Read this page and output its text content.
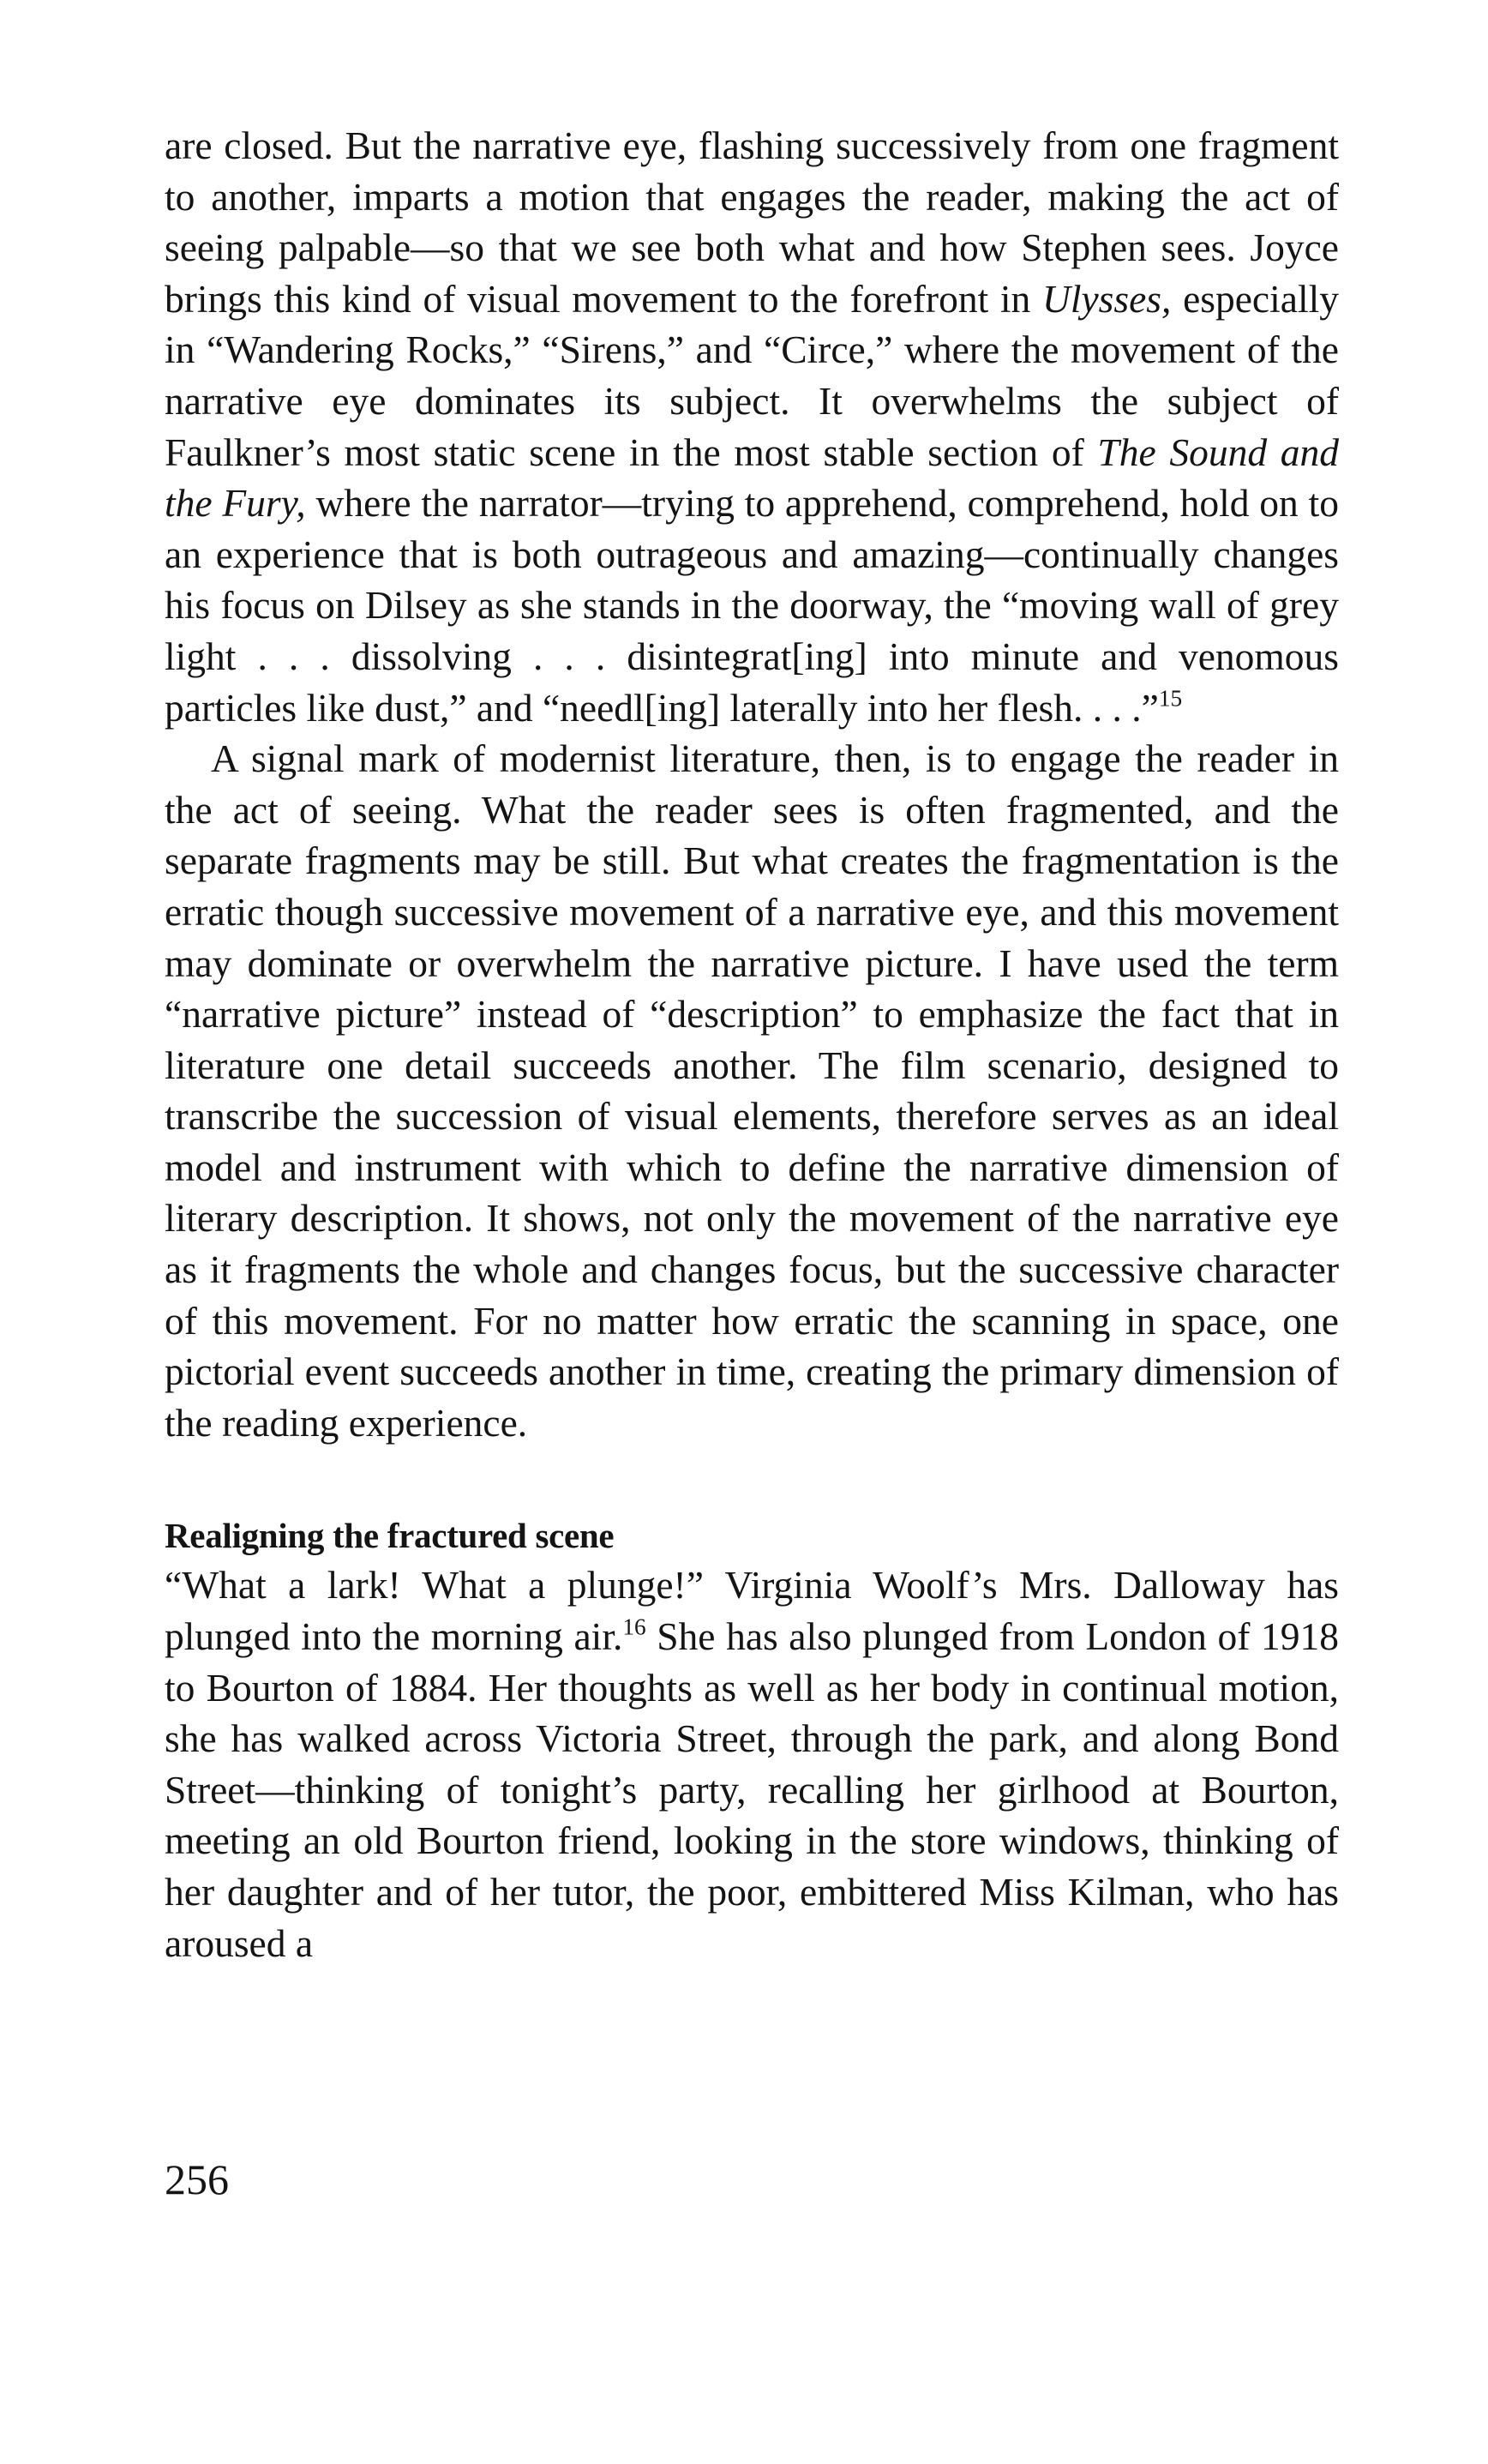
are closed. But the narrative eye, flashing successively from one fragment to another, imparts a motion that engages the reader, making the act of seeing palpable—so that we see both what and how Stephen sees. Joyce brings this kind of visual movement to the forefront in Ulysses, especially in “Wandering Rocks,” “Sirens,” and “Circe,” where the movement of the narrative eye dominates its subject. It overwhelms the subject of Faulkner’s most static scene in the most stable section of The Sound and the Fury, where the narrator—trying to apprehend, comprehend, hold on to an experience that is both outrageous and amazing—continually changes his focus on Dilsey as she stands in the doorway, the “moving wall of grey light . . . dissolving . . . disintegrat[ing] into minute and venomous particles like dust,” and “needl[ing] laterally into her flesh. . . .”$^{15}$

A signal mark of modernist literature, then, is to engage the reader in the act of seeing. What the reader sees is often fragmented, and the separate fragments may be still. But what creates the fragmentation is the erratic though successive movement of a narrative eye, and this movement may dominate or overwhelm the narrative picture. I have used the term “narrative picture” instead of “description” to emphasize the fact that in literature one detail succeeds another. The film scenario, designed to transcribe the succession of visual elements, therefore serves as an ideal model and instrument with which to define the narrative dimension of literary description. It shows, not only the movement of the narrative eye as it fragments the whole and changes focus, but the successive character of this movement. For no matter how erratic the scanning in space, one pictorial event succeeds another in time, creating the primary dimension of the reading experience.

Realigning the fractured scene

“What a lark! What a plunge!” Virginia Woolf’s Mrs. Dalloway has plunged into the morning air.$^{16}$ She has also plunged from London of 1918 to Bourton of 1884. Her thoughts as well as her body in continual motion, she has walked across Victoria Street, through the park, and along Bond Street—thinking of tonight’s party, recalling her girlhood at Bourton, meeting an old Bourton friend, looking in the store windows, thinking of her daughter and of her tutor, the poor, embittered Miss Kilman, who has aroused a

256
